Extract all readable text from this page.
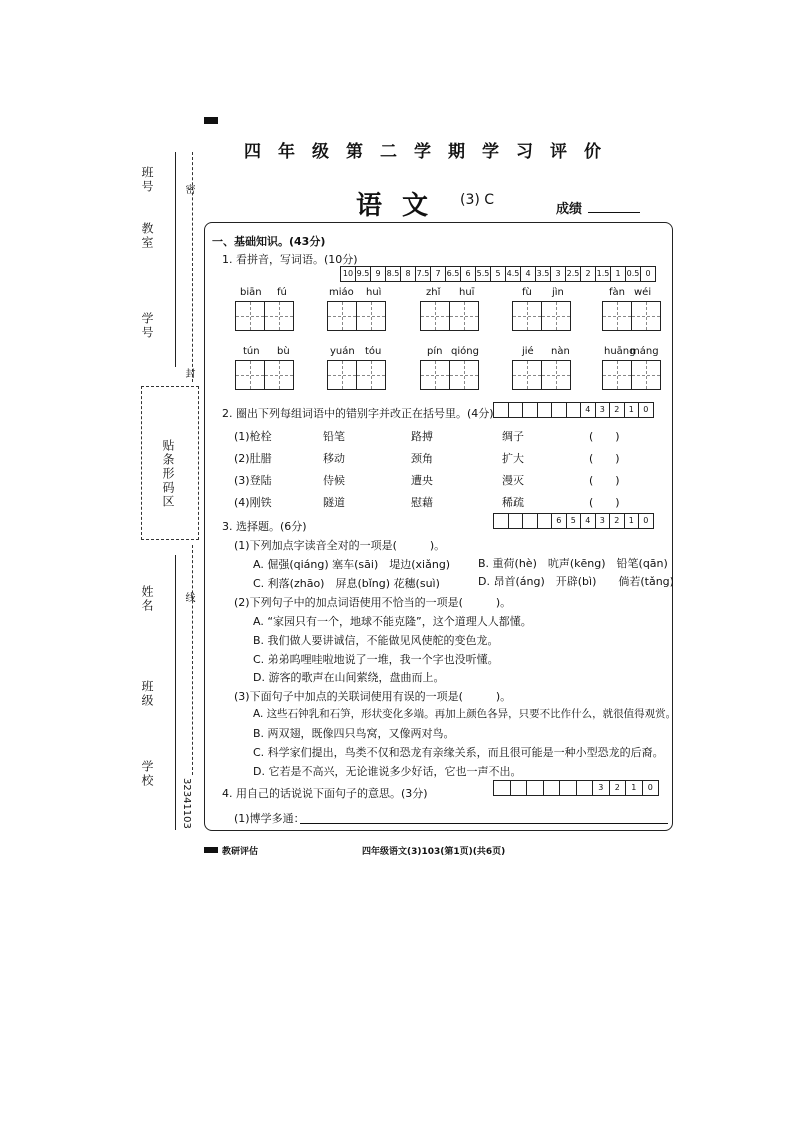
班号
教室
学号
密
封
贴条形码区
姓名
班级
学校
线
32341103
四年级第二学期学习评价
语文 (3) C
成绩
一、基础知识。(43分)
1. 看拼音，写词语。(10分)
10 9.5 9 8.5 8 7.5 7 6.5 6 5.5 5 4.5 4 3.5 3 2.5 2 1.5 1 0.5 0
biān fú	miáo huì	zhǐ huī	fù jìn	fàn wéi
tún bù	yuán tóu	pín qióng	jié nàn	huāng
máng
2. 圈出下列每组词语中的错别字并改正在括号里。(4分)	4	3	2	1	0
(1)枪栓	铅笔	路搏	绸子	(　　)
(2)肚腊	移动	颈角	扩大	(　　)
(3)登陆	侍候	遭央	漫灭	(　　)
(4)刚铁	隧道	慰藉	稀疏	(　　)
3. 选择题。(6分)	6	5	4	3	2	1	0
(1)下列加点字读音全对的一项是(　　　)。
A. 倔强(qiáng) 塞车(sāi)　堤边(xiǎng)	B. 重荷(hè)　吭声(kēng)　铅笔(qān)
C. 利落(zhāo)　屏息(bǐng) 花穗(suì)	D. 昂首(áng)　开辟(bì)　　倘若(tǎng)
(2)下列句子中的加点词语使用不恰当的一项是(　　　)。
A. “家园只有一个，地球不能克隆”，这个道理人人都懂。
B. 我们做人要讲诚信，不能做见风使舵的变色龙。
C. 弟弟呜哩哇啦地说了一堆，我一个字也没听懂。
D. 游客的歌声在山间萦绕，盘曲而上。
(3)下面句子中加点的关联词使用有误的一项是(　　　)。
A. 这些石钟乳和石笋，形状变化多端。再加上颜色各异，只要不比作什么，就很值得观赏。
B. 两双翅，既像四只鸟窝，又像两对鸟。
C. 科学家们提出，鸟类不仅和恐龙有亲缘关系，而且很可能是一种小型恐龙的后裔。
D. 它若是不高兴，无论谁说多少好话，它也一声不出。
4. 用自己的话说说下面句子的意思。(3分)	3	2	1	0
(1)博学多通：
教研评估	四年级语文(3)103(第1页)(共6页)
